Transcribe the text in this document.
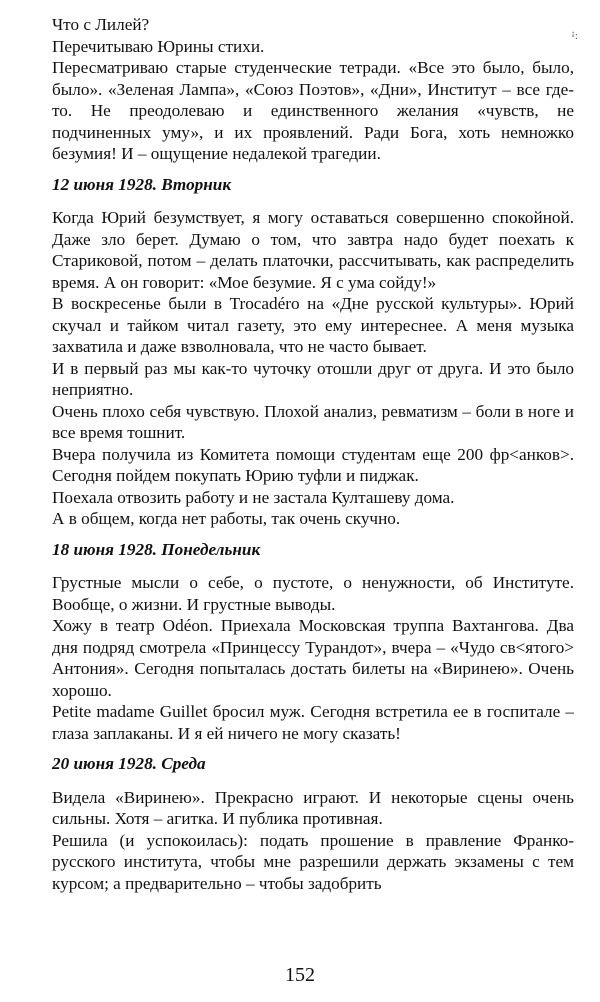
ꜟ:

Что с Лилей?

Перечитываю Юрины стихи.

Пересматриваю старые студенческие тетради. «Все это было, было, было». «Зеленая Лампа», «Союз Поэтов», «Дни», Институт – все где-то. Не преодолеваю и единственного желания «чувств, не подчиненных уму», и их проявлений. Ради Бога, хоть немножко безумия! И – ощущение недалекой трагедии.

12 июня 1928. Вторник

Когда Юрий безумствует, я могу оставаться совершенно спокойной. Даже зло берет. Думаю о том, что завтра надо будет поехать к Стариковой, потом – делать платочки, рассчитывать, как распределить время. А он говорит: «Мое безумие. Я с ума сойду!»

В воскресенье были в Trocadéro на «Дне русской культуры». Юрий скучал и тайком читал газету, это ему интереснее. А меня музыка захватила и даже взволновала, что не часто бывает.

И в первый раз мы как-то чуточку отошли друг от друга. И это было неприятно.

Очень плохо себя чувствую. Плохой анализ, ревматизм – боли в ноге и все время тошнит.

Вчера получила из Комитета помощи студентам еще 200 фр<анков>. Сегодня пойдем покупать Юрию туфли и пиджак.

Поехала отвозить работу и не застала Култашеву дома.

А в общем, когда нет работы, так очень скучно.

18 июня 1928. Понедельник

Грустные мысли о себе, о пустоте, о ненужности, об Институте. Вообще, о жизни. И грустные выводы.

Хожу в театр Odéon. Приехала Московская труппа Вахтангова. Два дня подряд смотрела «Принцессу Турандот», вчера – «Чудо св<ятого> Антония». Сегодня попыталась достать билеты на «Виринею». Очень хорошо.

Petite madame Guillet бросил муж. Сегодня встретила ее в госпитале – глаза заплаканы. И я ей ничего не могу сказать!

20 июня 1928. Среда

Видела «Виринею». Прекрасно играют. И некоторые сцены очень сильны. Хотя – агитка. И публика противная.

Решила (и успокоилась): подать прошение в правление Франко-русского института, чтобы мне разрешили держать экзамены с тем курсом; а предварительно – чтобы задобрить

152
